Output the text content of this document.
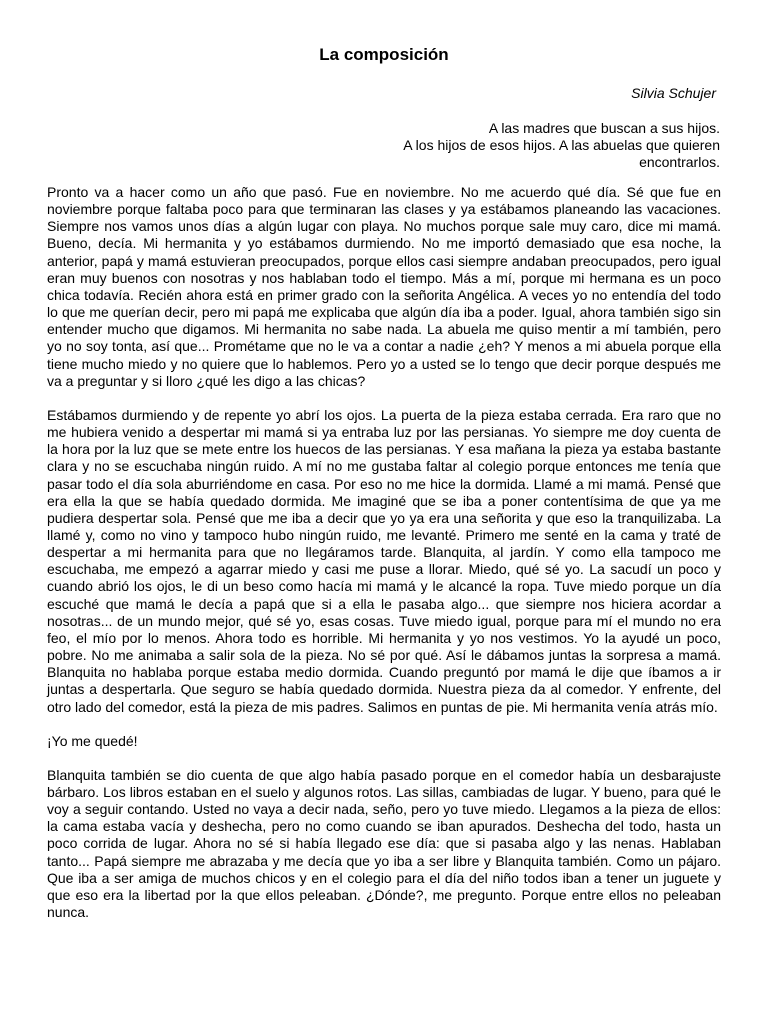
La composición

Silvia Schujer

A las madres que buscan a sus hijos.
A los hijos de esos hijos. A las abuelas que quieren
encontrarlos.

Pronto va a hacer como un año que pasó. Fue en noviembre. No me acuerdo qué día. Sé que fue en noviembre porque faltaba poco para que terminaran las clases y ya estábamos planeando las vacaciones. Siempre nos vamos unos días a algún lugar con playa. No muchos porque sale muy caro, dice mi mamá. Bueno, decía. Mi hermanita y yo estábamos durmiendo. No me importó demasiado que esa noche, la anterior, papá y mamá estuvieran preocupados, porque ellos casi siempre andaban preocupados, pero igual eran muy buenos con nosotras y nos hablaban todo el tiempo. Más a mí, porque mi hermana es un poco chica todavía. Recién ahora está en primer grado con la señorita Angélica. A veces yo no entendía del todo lo que me querían decir, pero mi papá me explicaba que algún día iba a poder. Igual, ahora también sigo sin entender mucho que digamos. Mi hermanita no sabe nada. La abuela me quiso mentir a mí también, pero yo no soy tonta, así que... Prométame que no le va a contar a nadie ¿eh? Y menos a mi abuela porque ella tiene mucho miedo y no quiere que lo hablemos. Pero yo a usted se lo tengo que decir porque después me va a preguntar y si lloro ¿qué les digo a las chicas?

Estábamos durmiendo y de repente yo abrí los ojos. La puerta de la pieza estaba cerrada. Era raro que no me hubiera venido a despertar mi mamá si ya entraba luz por las persianas. Yo siempre me doy cuenta de la hora por la luz que se mete entre los huecos de las persianas. Y esa mañana la pieza ya estaba bastante clara y no se escuchaba ningún ruido. A mí no me gustaba faltar al colegio porque entonces me tenía que pasar todo el día sola aburriéndome en casa. Por eso no me hice la dormida. Llamé a mi mamá. Pensé que era ella la que se había quedado dormida. Me imaginé que se iba a poner contentísima de que ya me pudiera despertar sola. Pensé que me iba a decir que yo ya era una señorita y que eso la tranquilizaba. La llamé y, como no vino y tampoco hubo ningún ruido, me levanté. Primero me senté en la cama y traté de despertar a mi hermanita para que no llegáramos tarde. Blanquita, al jardín. Y como ella tampoco me escuchaba, me empezó a agarrar miedo y casi me puse a llorar. Miedo, qué sé yo. La sacudí un poco y cuando abrió los ojos, le di un beso como hacía mi mamá y le alcancé la ropa. Tuve miedo porque un día escuché que mamá le decía a papá que si a ella le pasaba algo... que siempre nos hiciera acordar a nosotras... de un mundo mejor, qué sé yo, esas cosas. Tuve miedo igual, porque para mí el mundo no era feo, el mío por lo menos. Ahora todo es horrible. Mi hermanita y yo nos vestimos. Yo la ayudé un poco, pobre. No me animaba a salir sola de la pieza. No sé por qué. Así le dábamos juntas la sorpresa a mamá. Blanquita no hablaba porque estaba medio dormida. Cuando preguntó por mamá le dije que íbamos a ir juntas a despertarla. Que seguro se había quedado dormida. Nuestra pieza da al comedor. Y enfrente, del otro lado del comedor, está la pieza de mis padres. Salimos en puntas de pie. Mi hermanita venía atrás mío.

¡Yo me quedé!

Blanquita también se dio cuenta de que algo había pasado porque en el comedor había un desbarajuste bárbaro. Los libros estaban en el suelo y algunos rotos. Las sillas, cambiadas de lugar. Y bueno, para qué le voy a seguir contando. Usted no vaya a decir nada, seño, pero yo tuve miedo. Llegamos a la pieza de ellos: la cama estaba vacía y deshecha, pero no como cuando se iban apurados. Deshecha del todo, hasta un poco corrida de lugar. Ahora no sé si había llegado ese día: que si pasaba algo y las nenas. Hablaban tanto... Papá siempre me abrazaba y me decía que yo iba a ser libre y Blanquita también. Como un pájaro. Que iba a ser amiga de muchos chicos y en el colegio para el día del niño todos iban a tener un juguete y que eso era la libertad por la que ellos peleaban. ¿Dónde?, me pregunto. Porque entre ellos no peleaban nunca.
